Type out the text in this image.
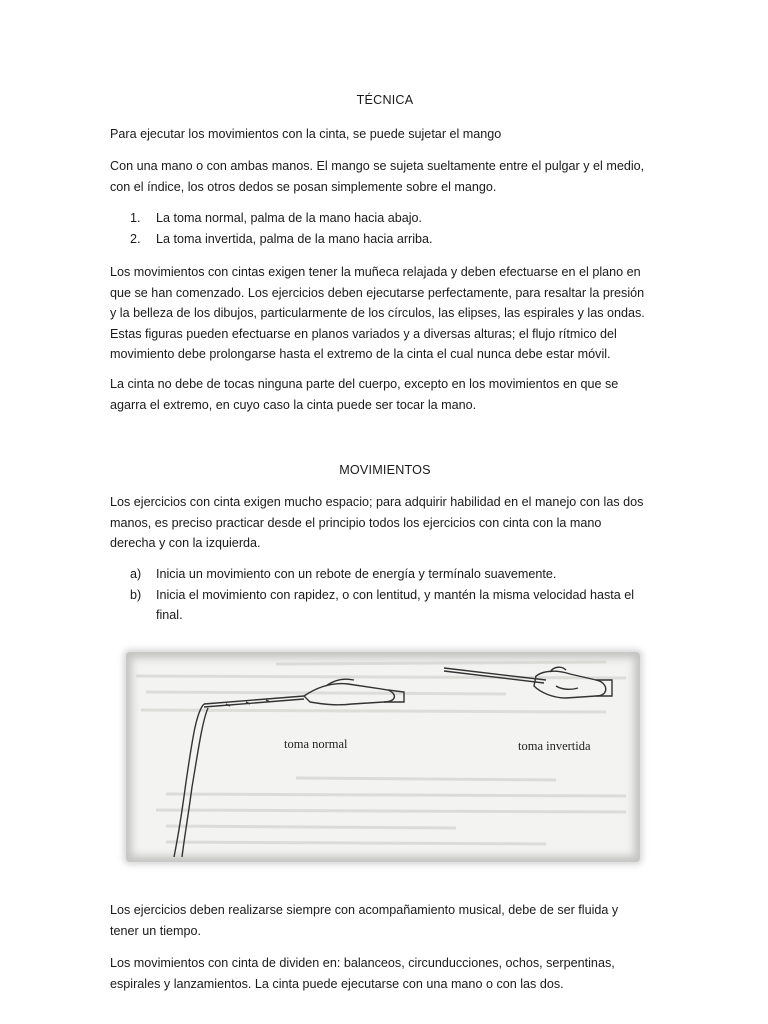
TÉCNICA

Para ejecutar los movimientos con la cinta, se puede sujetar el mango

Con una mano o con ambas manos. El mango se sujeta sueltamente entre el pulgar y el medio,
con el índice, los otros dedos se posan simplemente sobre el mango.

1.	La toma normal, palma de la mano hacia abajo.
2.	La toma invertida, palma de la mano hacia arriba.

Los movimientos con cintas exigen tener la muñeca relajada y deben efectuarse en el plano en
que se han comenzado. Los ejercicios deben ejecutarse perfectamente, para resaltar la presión
y la belleza de los dibujos, particularmente de los círculos, las elipses, las espirales y las ondas.
Estas figuras pueden efectuarse en planos variados y a diversas alturas; el flujo rítmico del
movimiento debe prolongarse hasta el extremo de la cinta el cual nunca debe estar móvil.

La cinta no debe de tocas ninguna parte del cuerpo, excepto en los movimientos en que se
agarra el extremo, en cuyo caso la cinta puede ser tocar la mano.

MOVIMIENTOS

Los ejercicios con cinta exigen mucho espacio; para adquirir habilidad en el manejo con las dos
manos, es preciso practicar desde el principio todos los ejercicios con cinta con la mano
derecha y con la izquierda.

a)	Inicia un movimiento con un rebote de energía y termínalo suavemente.
b)	Inicia el movimiento con rapidez, o con lentitud, y mantén la misma velocidad hasta el
final.

Los ejercicios deben realizarse siempre con acompañamiento musical, debe de ser fluida y
tener un tiempo.

Los movimientos con cinta de dividen en: balanceos, circunducciones, ochos, serpentinas,
espirales y lanzamientos. La cinta puede ejecutarse con una mano o con las dos.

toma normal	toma invertida
